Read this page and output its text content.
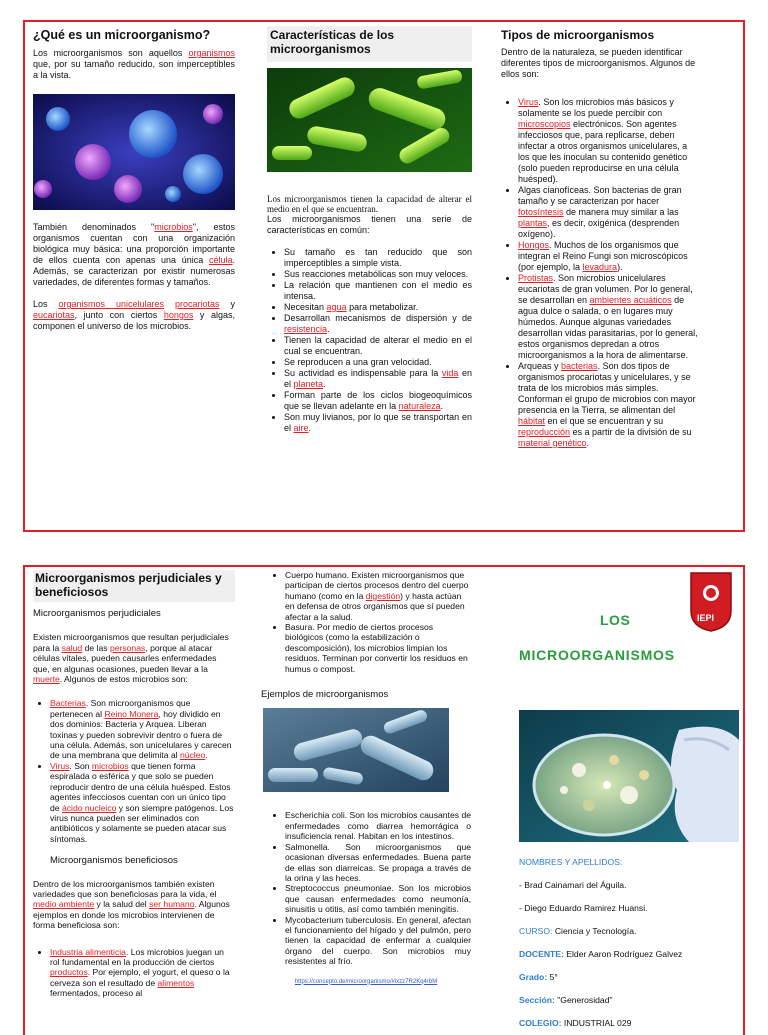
¿Qué es un microorganismo?

Los microorganismos son aquellos organismos que, por su tamaño reducido, son imperceptibles a la vista.

También denominados "microbios", estos organismos cuentan con una organización biológica muy básica: una proporción importante de ellos cuenta con apenas una única célula. Además, se caracterizan por existir numerosas variedades, de diferentes formas y tamaños.

Los organismos unicelulares procariotas y eucariotas, junto con ciertos hongos y algas, componen el universo de los microbios.

Características de los microorganismos

Los microorganismos tienen la capacidad de alterar el medio en el que se encuentran.

Los microorganismos tienen una serie de características en común:

• Su tamaño es tan reducido que son imperceptibles a simple vista.
• Sus reacciones metabólicas son muy veloces.
• La relación que mantienen con el medio es intensa.
• Necesitan agua para metabolizar.
• Desarrollan mecanismos de dispersión y de resistencia.
• Tienen la capacidad de alterar el medio en el cual se encuentran.
• Se reproducen a una gran velocidad.
• Su actividad es indispensable para la vida en el planeta.
• Forman parte de los ciclos biogeoquímicos que se llevan adelante en la naturaleza.
• Son muy livianos, por lo que se transportan en el aire.
Tipos de microorganismos

Dentro de la naturaleza, se pueden identificar diferentes tipos de microorganismos. Algunos de ellos son:

• Virus. Son los microbios más básicos y solamente se los puede percibir con microscopios electrónicos. Son agentes infecciosos que, para replicarse, deben infectar a otros organismos unicelulares, a los que les inoculan su contenido genético (solo pueden reproducirse en una célula huésped).
• Algas cianofíceas. Son bacterias de gran tamaño y se caracterizan por hacer fotosíntesis de manera muy similar a las plantas, es decir, oxigénica (desprenden oxígeno).
• Hongos. Muchos de los organismos que integran el Reino Fungi son microscópicos (por ejemplo, la levadura).
• Protistas. Son microbios unicelulares eucariotas de gran volumen. Por lo general, se desarrollan en ambientes acuáticos de agua dulce o salada, o en lugares muy húmedos. Aunque algunas variedades desarrollan vidas parasitarias, por lo general, estos organismos depredan a otros microorganismos a la hora de alimentarse.
• Arqueas y bacterias. Son dos tipos de organismos procariotas y unicelulares, y se trata de los microbios más simples. Conforman el grupo de microbios con mayor presencia en la Tierra, se alimentan del hábitat en el que se encuentran y su reproducción es a partir de la división de su material genético.
Microorganismos perjudiciales y beneficiosos

Microorganismos perjudiciales

Existen microorganismos que resultan perjudiciales para la salud de las personas, porque al atacar células vitales, pueden causarles enfermedades que, en algunas ocasiones, pueden llevar a la muerte. Algunos de estos microbios son:

• Bacterias. Son microorganismos que pertenecen al Reino Monera, hoy dividido en dos dominios: Bacteria y Arquea. Liberan toxinas y pueden sobrevivir dentro o fuera de una célula. Además, son unicelulares y carecen de una membrana que delimita al núcleo.
• Virus. Son microbios que tienen forma espiralada o esférica y que solo se pueden reproducir dentro de una célula huésped. Estos agentes infecciosos cuentan con un único tipo de ácido nucleico y son siempre patógenos. Los virus nunca pueden ser eliminados con antibióticos y solamente se pueden atacar sus síntomas.

Microorganismos beneficiosos

Dentro de los microorganismos también existen variedades que son beneficiosas para la vida, el medio ambiente y la salud del ser humano. Algunos ejemplos en donde los microbios intervienen de forma beneficiosa son:

• Industria alimenticia. Los microbios juegan un rol fundamental en la producción de ciertos productos. Por ejemplo, el yogurt, el queso o la cerveza son el resultado de alimentos fermentados, proceso al
• Cuerpo humano. Existen microorganismos que participan de ciertos procesos dentro del cuerpo humano (como en la digestión) y hasta actúan en defensa de otros organismos que sí pueden afectar a la salud.
• Basura. Por medio de ciertos procesos biológicos (como la estabilización o descomposición), los microbios limpian los residuos. Terminan por convertir los residuos en humus o compost.

Ejemplos de microorganismos

• Escherichia coli. Son los microbios causantes de enfermedades como diarrea hemorrágica o insuficiencia renal. Habitan en los intestinos.
• Salmonella. Son microorganismos que ocasionan diversas enfermedades. Buena parte de ellas son diarreicas. Se propaga a través de la orina y las heces.
• Streptococcus pneumoniae. Son los microbios que causan enfermedades como neumonía, sinusitis u otitis, así como también meningitis.
• Mycobacterium tuberculosis. En general, afectan el funcionamiento del hígado y del pulmón, pero tienen la capacidad de enfermar a cualquier órgano del cuerpo. Son microbios muy resistentes al frío.

https://concepto.de/microorganismo/#ixzz7R2Kq4rbM

IEPI

LOS

MICROORGANISMOS

NOMBRES Y APELLIDOS:

- Brad Cainamari del Águila.

- Diego Eduardo Ramirez Huansi.

CURSO: Ciencia y Tecnología.

DOCENTE: Elder Aaron Rodríguez Galvez

Grado: 5°

Sección: "Generosidad"

COLEGIO: INDUSTRIAL 029
